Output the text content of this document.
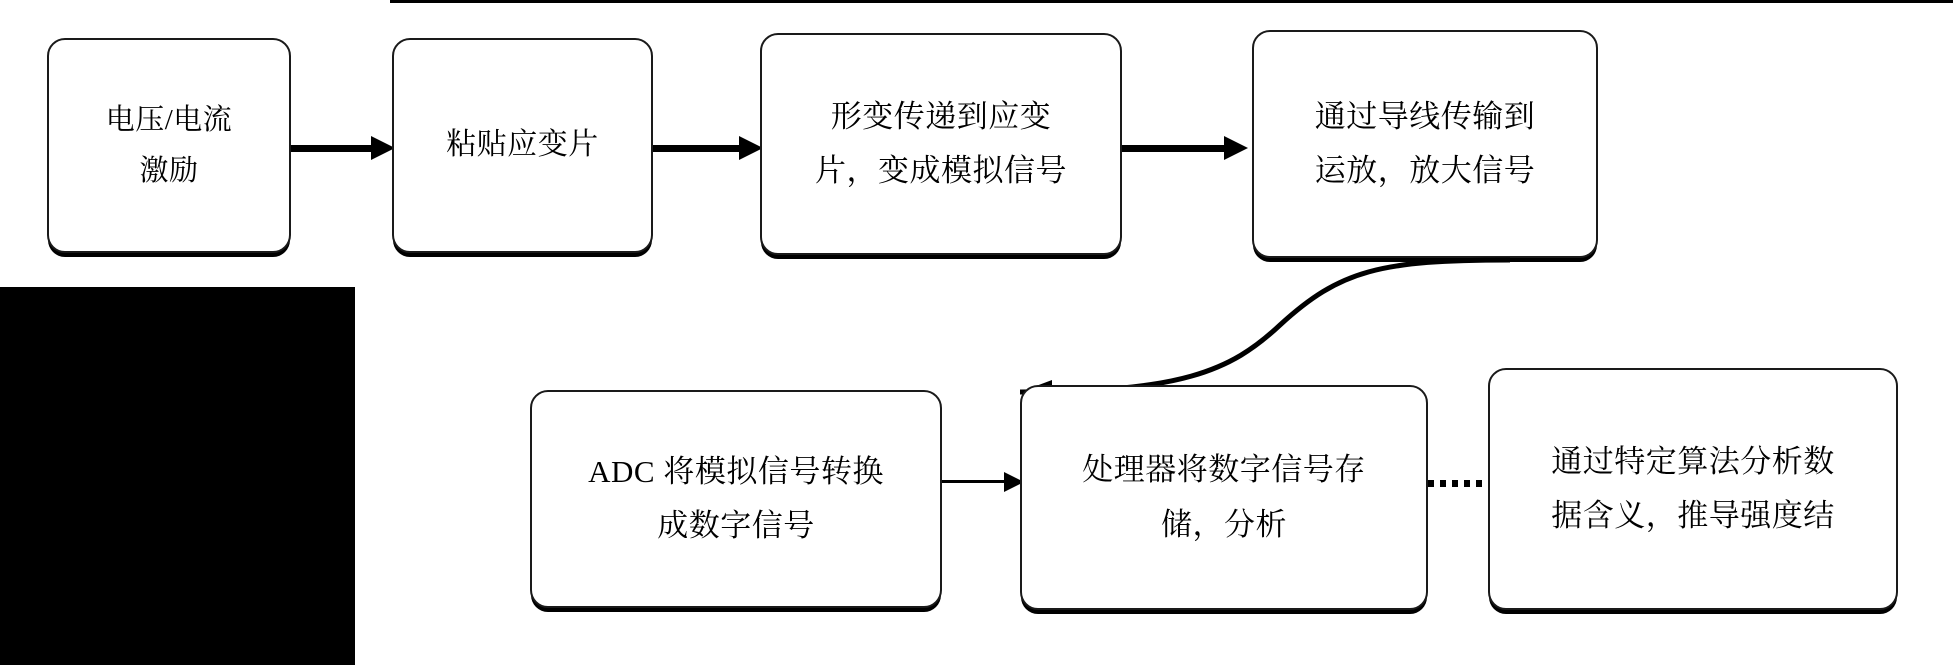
电压/电流
激励
粘贴应变片
形变传递到应变
片，变成模拟信号
通过导线传输到
运放，放大信号
ADC 将模拟信号转换
成数字信号
处理器将数字信号存
储，分析
通过特定算法分析数
据含义，推导强度结
